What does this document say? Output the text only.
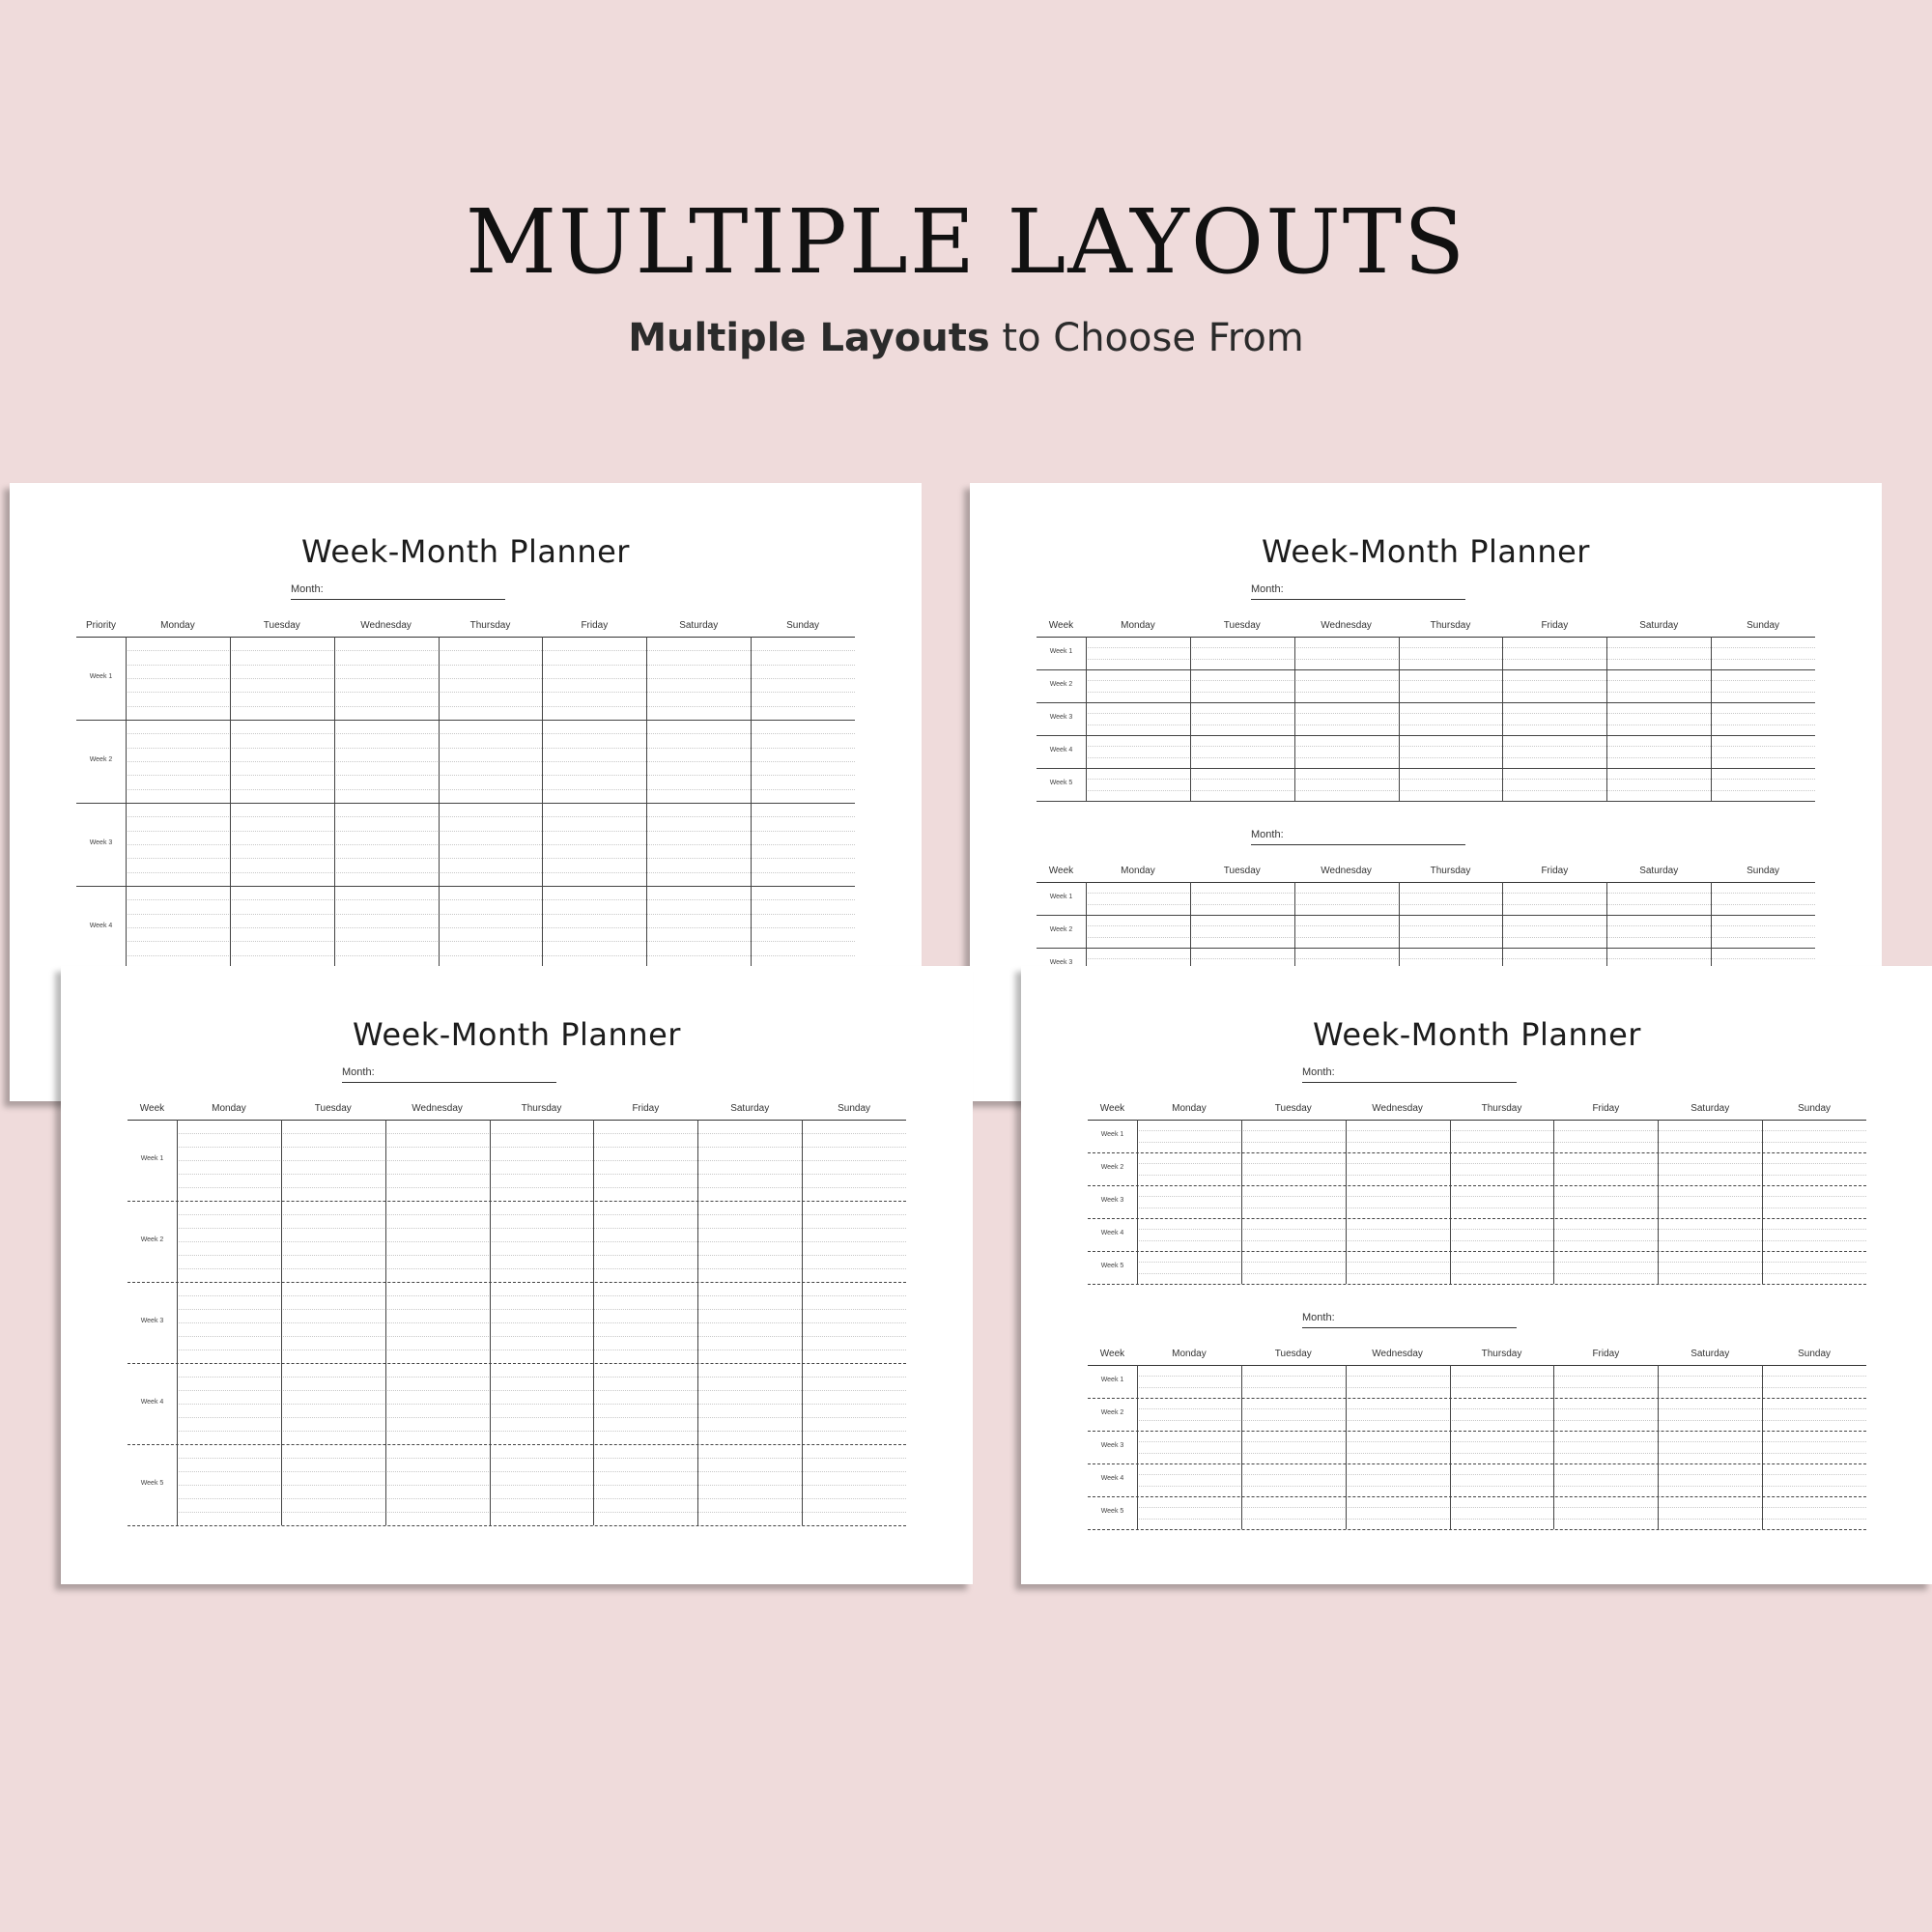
MULTIPLE LAYOUTS
Multiple Layouts to Choose From
Week-Month Planner
Month:
Priority	Monday	Tuesday	Wednesday	Thursday	Friday	Saturday	Sunday
Week 1
Week 2
Week 3
Week 4
Week-Month Planner
Month:
Week	Monday	Tuesday	Wednesday	Thursday	Friday	Saturday	Sunday
Week 1
Week 2
Week 3
Week 4
Week 5
Month:
Week	Monday	Tuesday	Wednesday	Thursday	Friday	Saturday	Sunday
Week 1
Week 2
Week 3
Week-Month Planner
Month:
Week	Monday	Tuesday	Wednesday	Thursday	Friday	Saturday	Sunday
Week 1
Week 2
Week 3
Week 4
Week 5
Week-Month Planner
Month:
Week	Monday	Tuesday	Wednesday	Thursday	Friday	Saturday	Sunday
Week 1
Week 2
Week 3
Week 4
Week 5
Month:
Week	Monday	Tuesday	Wednesday	Thursday	Friday	Saturday	Sunday
Week 1
Week 2
Week 3
Week 4
Week 5
